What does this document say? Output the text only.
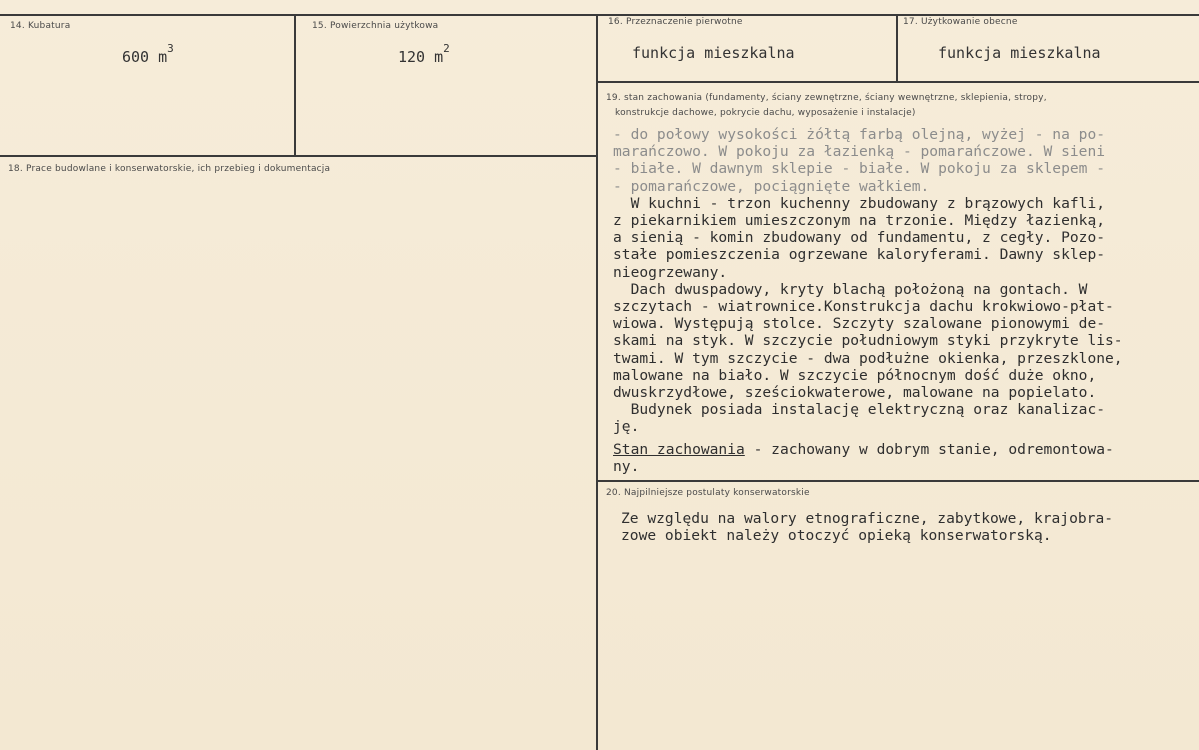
14. Kubatura
600 $m^3$
15. Powierzchnia użytkowa
120 $m^2$
16. Przeznaczenie pierwotne
funkcja mieszkalna
17. Użytkowanie obecne
funkcja mieszkalna
18. Prace budowlane i konserwatorskie, ich przebieg i dokumentacja
19. stan zachowania (fundamenty, ściany zewnętrzne, ściany wewnętrzne, sklepienia, stropy,
konstrukcje dachowe, pokrycie dachu, wyposażenie i instalacje)
- do połowy wysokości żółtą farbą olejną, wyżej - na po-
marańczowo. W pokoju za łazienką - pomarańczowe. W sieni
- białe. W dawnym sklepie - białe. W pokoju za sklepem -
- pomarańczowe, pociągnięte wałkiem.
W kuchni - trzon kuchenny zbudowany z brązowych kafli,
z piekarnikiem umieszczonym na trzonie. Między łazienką,
a sienią - komin zbudowany od fundamentu, z cegły. Pozo-
stałe pomieszczenia ogrzewane kaloryferami. Dawny sklep-
nieogrzewany.
Dach dwuspadowy, kryty blachą położoną na gontach. W
szczytach - wiatrownice.Konstrukcja dachu krokwiowo-płat-
wiowa. Występują stolce. Szczyty szalowane pionowymi de-
skami na styk. W szczycie południowym styki przykryte lis-
twami. W tym szczycie - dwa podłużne okienka, przeszklone,
malowane na biało. W szczycie północnym dość duże okno,
dwuskrzydłowe, sześciokwaterowe, malowane na popielato.
Budynek posiada instalację elektryczną oraz kanalizac-
ję.
Stan zachowania - zachowany w dobrym stanie, odremontowa-
ny.
20. Najpilniejsze postulaty konserwatorskie
Ze względu na walory etnograficzne, zabytkowe, krajobra-
zowe obiekt należy otoczyć opieką konserwatorską.
